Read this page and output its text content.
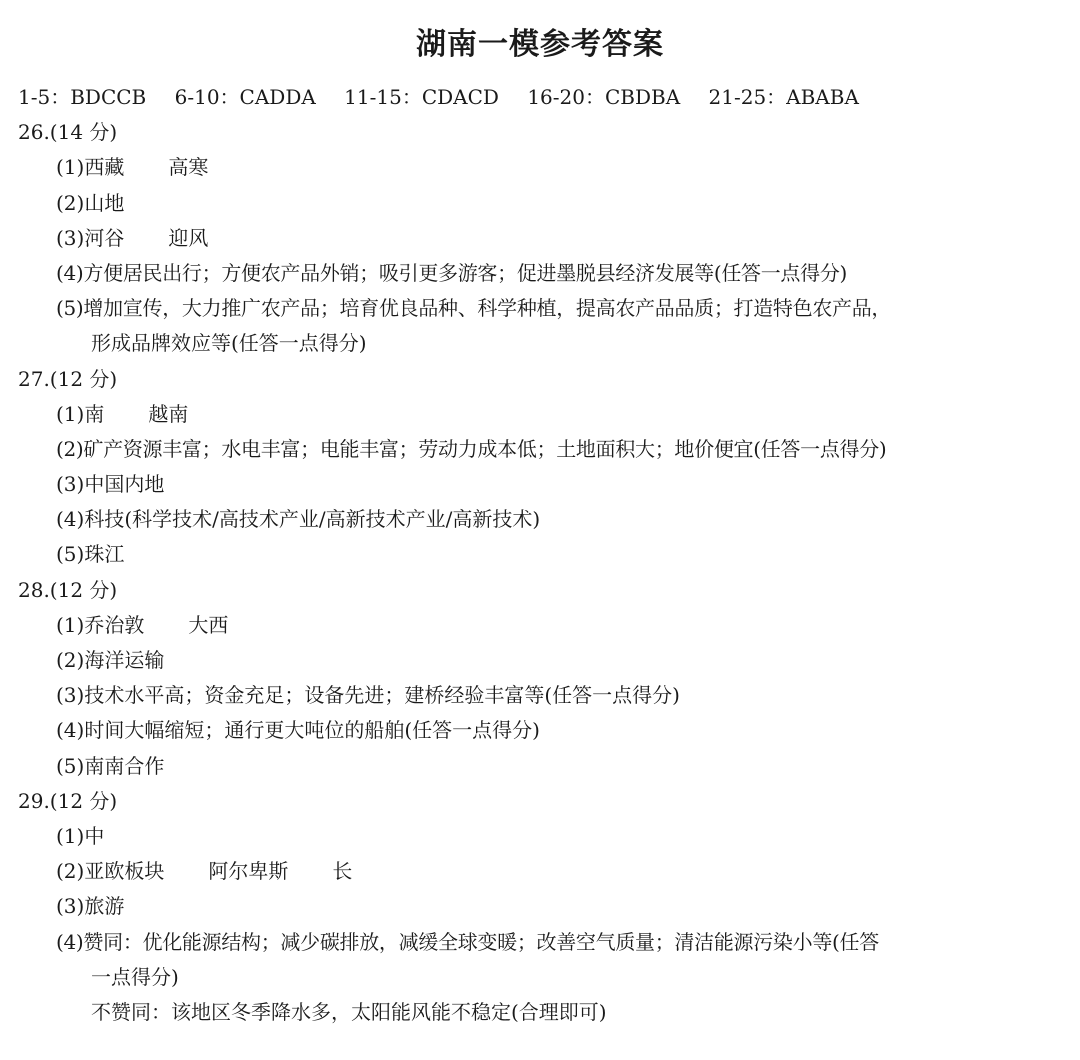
湖南一模参考答案
1-5：BDCCB 6-10：CADDA 11-15：CDACD 16-20：CBDBA 21-25：ABABA
26.(14 分)
(1)西藏 高寒
(2)山地
(3)河谷 迎风
(4)方便居民出行；方便农产品外销；吸引更多游客；促进墨脱县经济发展等(任答一点得分)
(5)增加宣传，大力推广农产品；培育优良品种、科学种植，提高农产品品质；打造特色农产品，
形成品牌效应等(任答一点得分)
27.(12 分)
(1)南 越南
(2)矿产资源丰富；水电丰富；电能丰富；劳动力成本低；土地面积大；地价便宜(任答一点得分)
(3)中国内地
(4)科技(科学技术/高技术产业/高新技术产业/高新技术)
(5)珠江
28.(12 分)
(1)乔治敦 大西
(2)海洋运输
(3)技术水平高；资金充足；设备先进；建桥经验丰富等(任答一点得分)
(4)时间大幅缩短；通行更大吨位的船舶(任答一点得分)
(5)南南合作
29.(12 分)
(1)中
(2)亚欧板块 阿尔卑斯 长
(3)旅游
(4)赞同：优化能源结构；减少碳排放，减缓全球变暖；改善空气质量；清洁能源污染小等(任答
一点得分)
不赞同：该地区冬季降水多，太阳能风能不稳定(合理即可)
